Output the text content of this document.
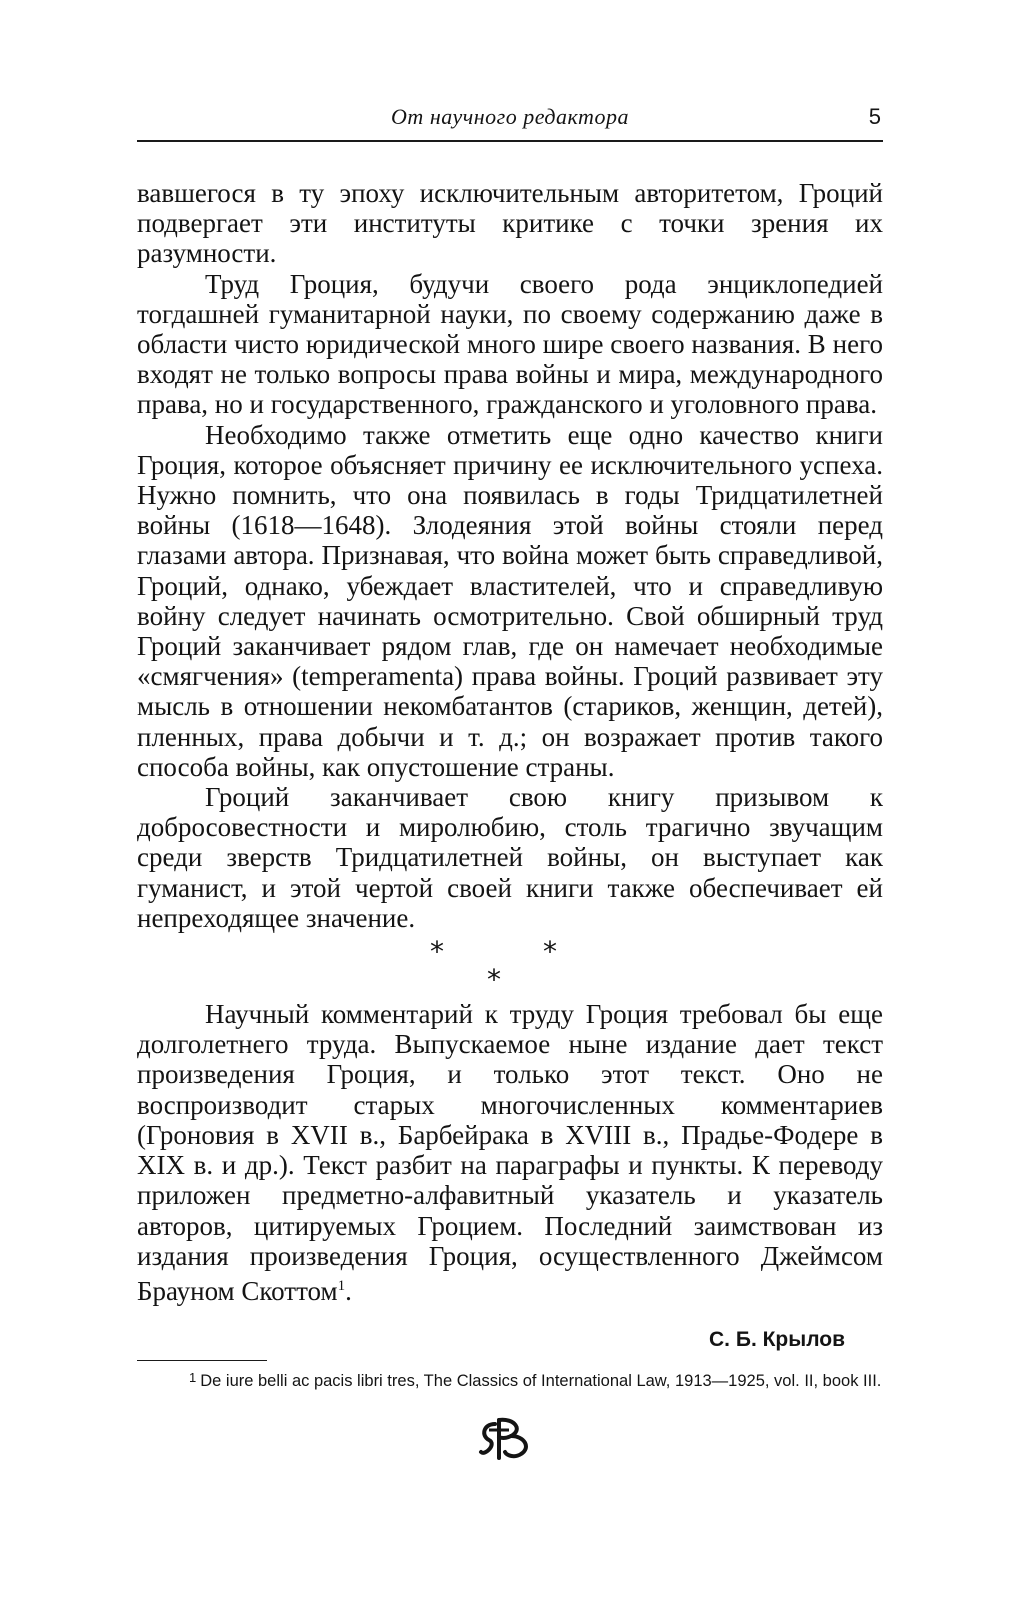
От научного редактора	5

вавшегося в ту эпоху исключительным авторитетом, Гроций подвергает эти институты критике с точки зрения их разумности.

Труд Гроция, будучи своего рода энциклопедией тогдашней гуманитарной науки, по своему содержанию даже в области чисто юридической много шире своего названия. В него входят не только вопросы права войны и мира, международного права, но и государственного, гражданского и уголовного права.

Необходимо также отметить еще одно качество книги Гроция, которое объясняет причину ее исключительного успеха. Нужно помнить, что она появилась в годы Тридцатилетней войны (1618—1648). Злодеяния этой войны стояли перед глазами автора. Признавая, что война может быть справедливой, Гроций, однако, убеждает властителей, что и справедливую войну следует начинать осмотрительно. Свой обширный труд Гроций заканчивает рядом глав, где он намечает необходимые «смягчения» (temperamenta) права войны. Гроций развивает эту мысль в отношении некомбатантов (стариков, женщин, детей), пленных, права добычи и т. д.; он возражает против такого способа войны, как опустошение страны.

Гроций заканчивает свою книгу призывом к добросовестности и миролюбию, столь трагично звучащим среди зверств Тридцатилетней войны, он выступает как гуманист, и этой чертой своей книги также обеспечивает ей непреходящее значение.

*	*
*

Научный комментарий к труду Гроция требовал бы еще долголетнего труда. Выпускаемое ныне издание дает текст произведения Гроция, и только этот текст. Оно не воспроизводит старых многочисленных комментариев (Гроновия в XVII в., Барбейрака в XVIII в., Прадье-Фодере в XIX в. и др.). Текст разбит на параграфы и пункты. К переводу приложен предметно-алфавитный указатель и указатель авторов, цитируемых Гроцием. Последний заимствован из издания произведения Гроция, осуществленного Джеймсом Брауном Скоттом$^1$.

С. Б. Крылов
$^1$ De iure belli ac pacis libri tres, The Classics of International Law, 1913—1925, vol. II, book III.
